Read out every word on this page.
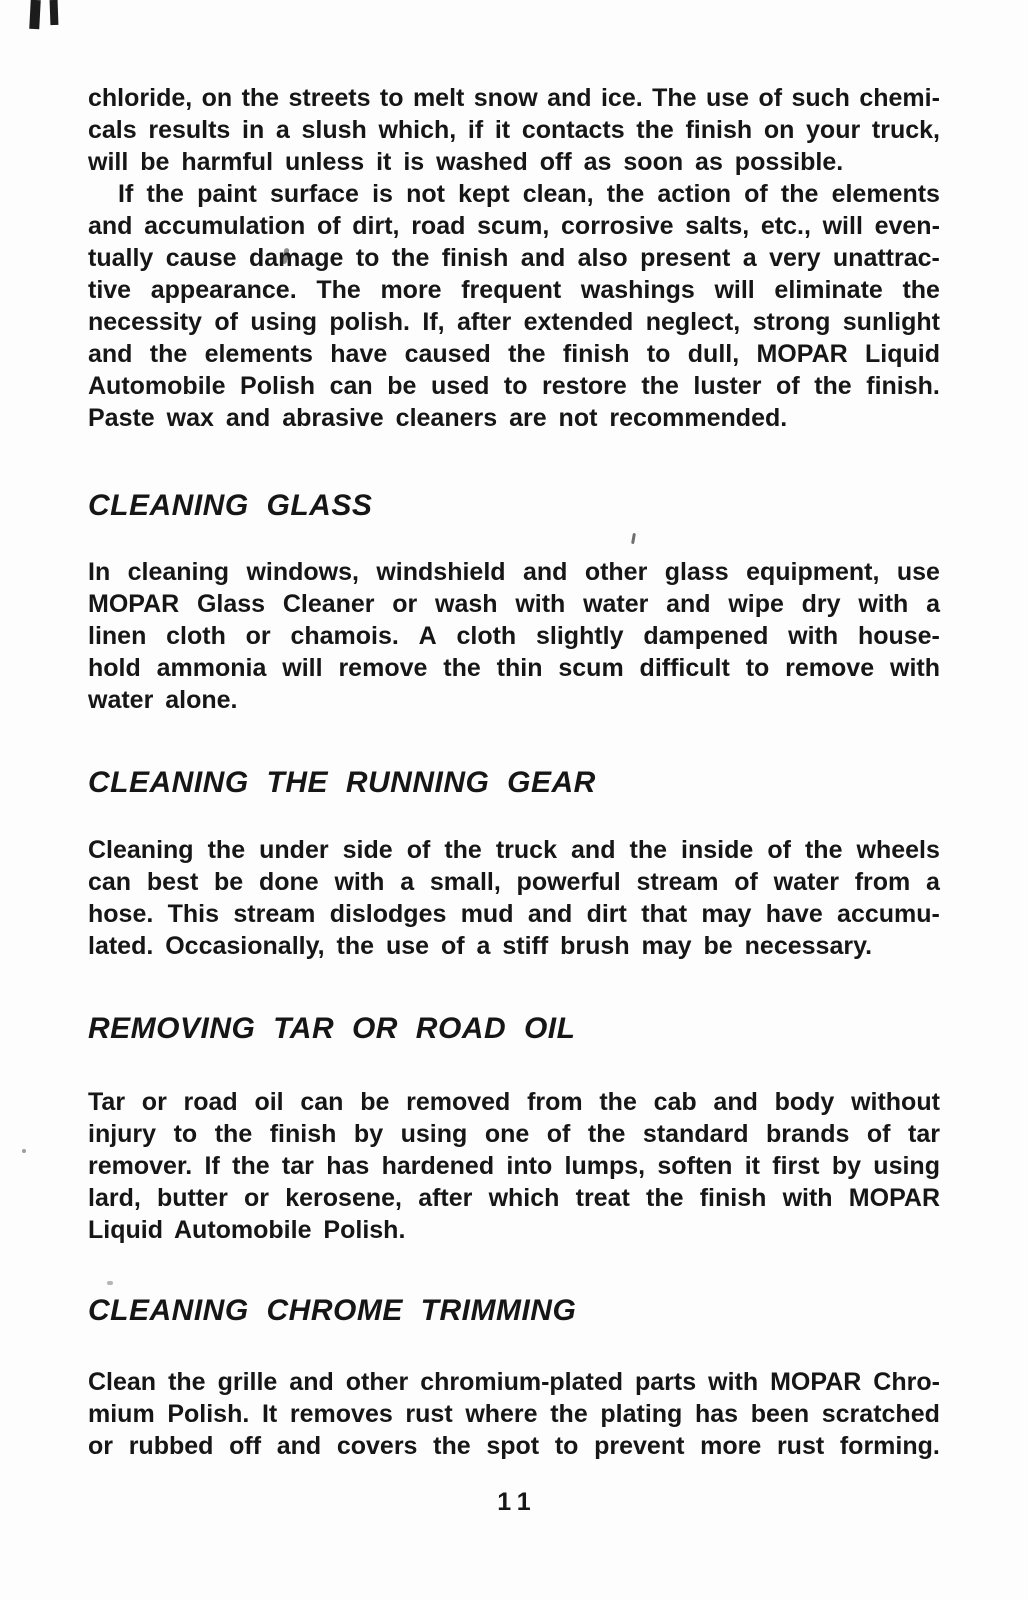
chloride, on the streets to melt snow and ice. The use of such chemi-
cals results in a slush which, if it contacts the finish on your truck,
will be harmful unless it is washed off as soon as possible.
If the paint surface is not kept clean, the action of the elements
and accumulation of dirt, road scum, corrosive salts, etc., will even-
tually cause damage to the finish and also present a very unattrac-
tive appearance. The more frequent washings will eliminate the
necessity of using polish. If, after extended neglect, strong sunlight
and the elements have caused the finish to dull, MOPAR Liquid
Automobile Polish can be used to restore the luster of the finish.
Paste wax and abrasive cleaners are not recommended.
CLEANING GLASS
In cleaning windows, windshield and other glass equipment, use
MOPAR Glass Cleaner or wash with water and wipe dry with a
linen cloth or chamois. A cloth slightly dampened with house-
hold ammonia will remove the thin scum difficult to remove with
water alone.
CLEANING THE RUNNING GEAR
Cleaning the under side of the truck and the inside of the wheels
can best be done with a small, powerful stream of water from a
hose. This stream dislodges mud and dirt that may have accumu-
lated. Occasionally, the use of a stiff brush may be necessary.
REMOVING TAR OR ROAD OIL
Tar or road oil can be removed from the cab and body without
injury to the finish by using one of the standard brands of tar
remover. If the tar has hardened into lumps, soften it first by using
lard, butter or kerosene, after which treat the finish with MOPAR
Liquid Automobile Polish.
CLEANING CHROME TRIMMING
Clean the grille and other chromium-plated parts with MOPAR Chro-
mium Polish. It removes rust where the plating has been scratched
or rubbed off and covers the spot to prevent more rust forming.
11
